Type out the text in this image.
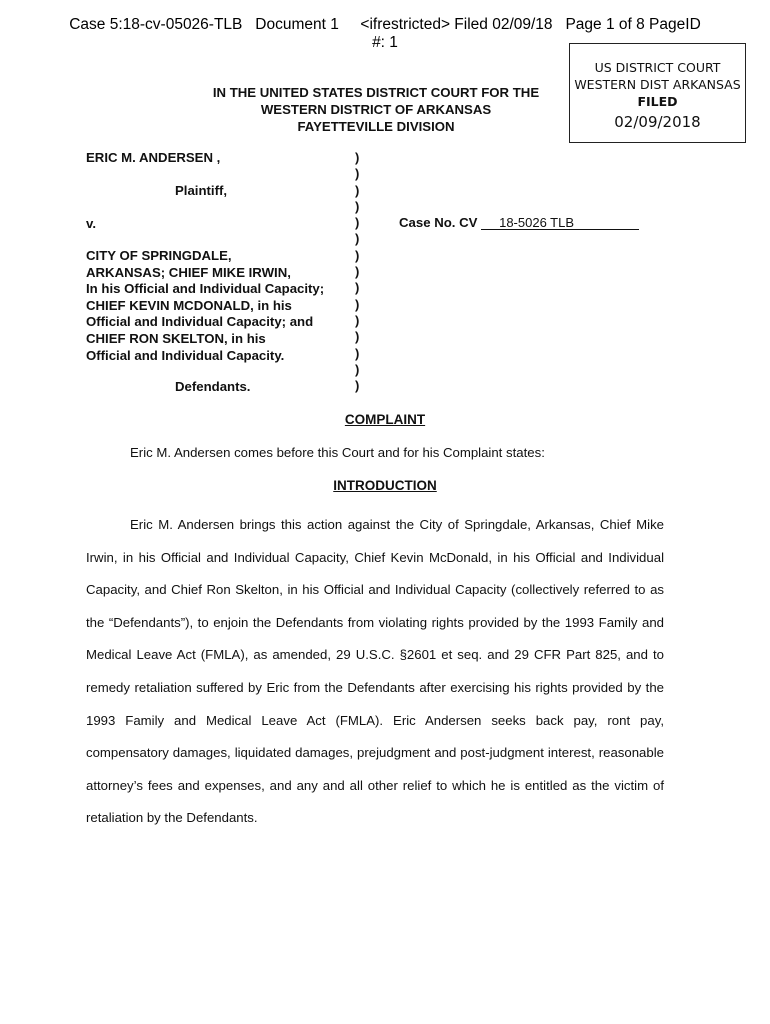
Case 5:18-cv-05026-TLB   Document 1     <ifrestricted> Filed 02/09/18   Page 1 of 8 PageID
#: 1
US DISTRICT COURT
WESTERN DIST ARKANSAS
FILED
02/09/2018
IN THE UNITED STATES DISTRICT COURT FOR THE
WESTERN DISTRICT OF ARKANSAS
FAYETTEVILLE DIVISION
ERIC M. ANDERSEN ,
Plaintiff,
v.
)
)
)
)
)
)
)
)
)
)
)
)
)
)
)
Case No. CV 18-5026 TLB
CITY OF SPRINGDALE,
ARKANSAS; CHIEF MIKE IRWIN,
In his Official and Individual Capacity;
CHIEF KEVIN MCDONALD, in his
Official and Individual Capacity; and
CHIEF RON SKELTON, in his
Official and Individual Capacity.
Defendants.
COMPLAINT
Eric M. Andersen comes before this Court and for his Complaint states:
INTRODUCTION
Eric M. Andersen brings this action against the City of Springdale, Arkansas, Chief Mike Irwin, in his Official and Individual Capacity, Chief Kevin McDonald, in his Official and Individual Capacity, and Chief Ron Skelton, in his Official and Individual Capacity (collectively referred to as the “Defendants”), to enjoin the Defendants from violating rights provided by the 1993 Family and Medical Leave Act (FMLA), as amended, 29 U.S.C. §2601 et seq. and 29 CFR Part 825, and to remedy retaliation suffered by Eric from the Defendants after exercising his rights provided by the 1993 Family and Medical Leave Act (FMLA). Eric Andersen seeks back pay, ront pay, compensatory damages, liquidated damages, prejudgment and post-judgment interest, reasonable attorney’s fees and expenses, and any and all other relief to which he is entitled as the victim of retaliation by the Defendants.
